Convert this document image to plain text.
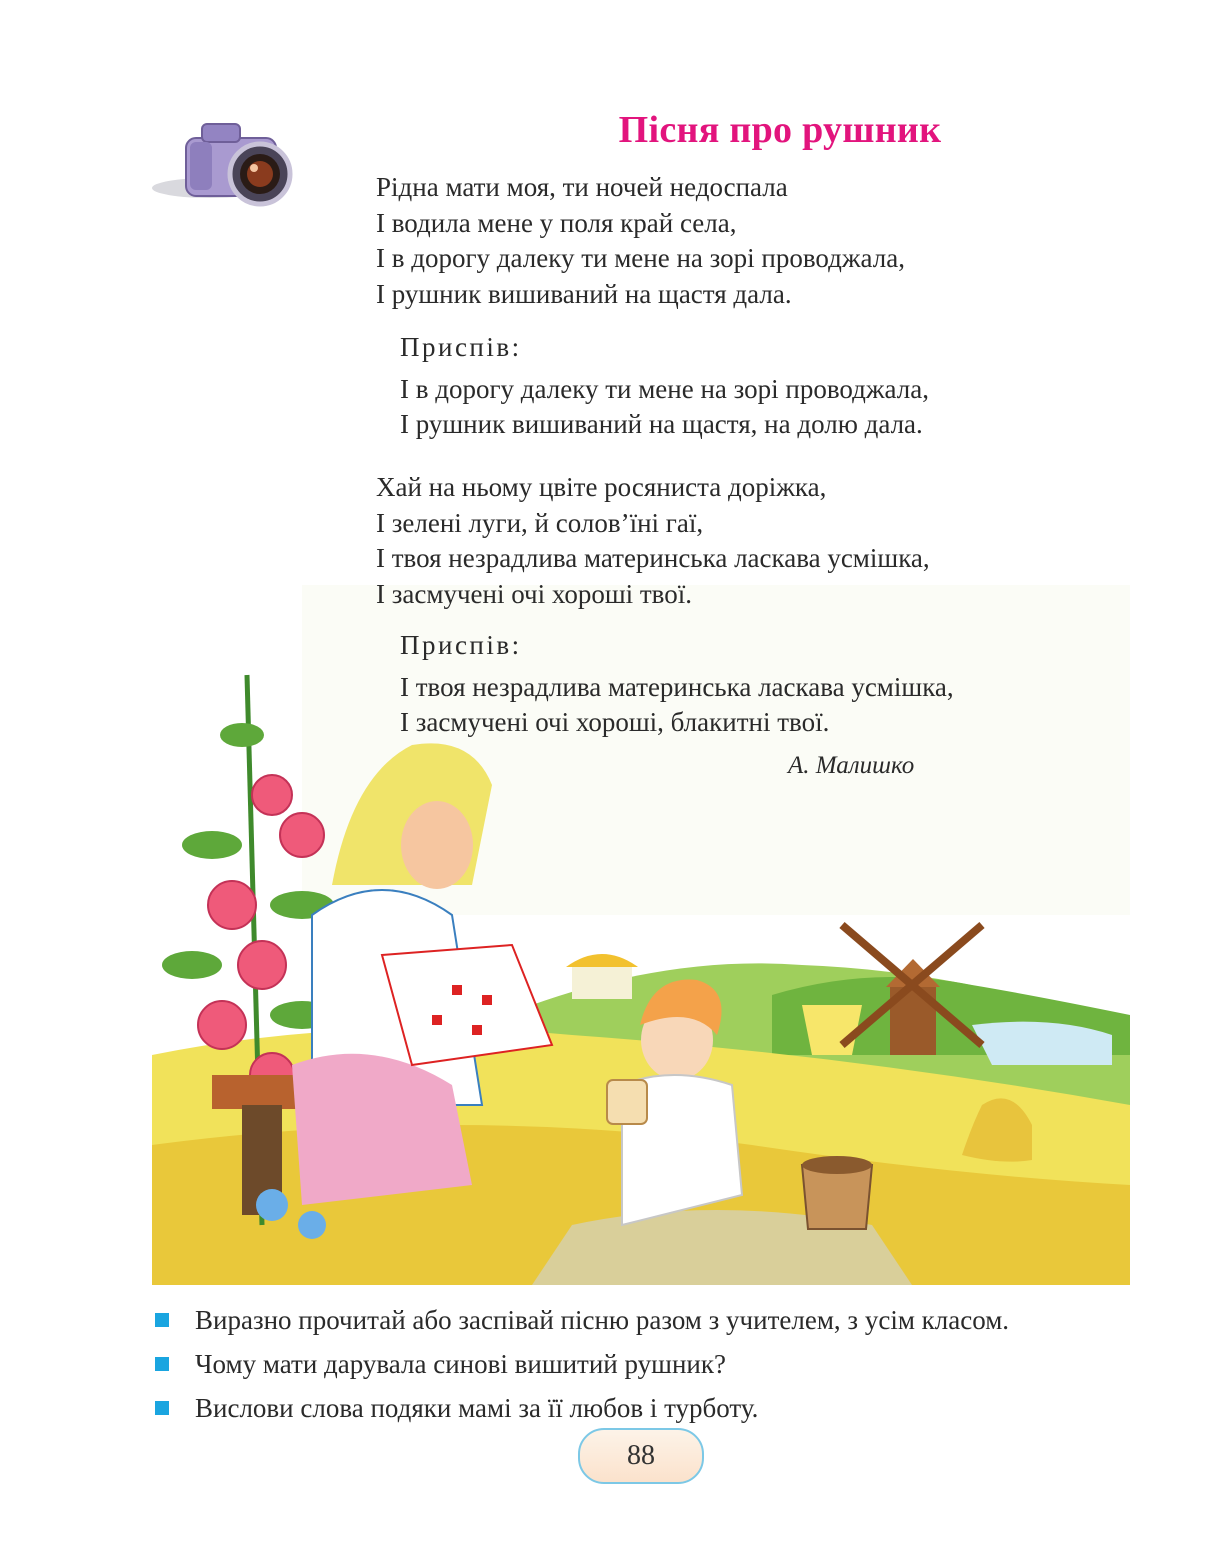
Пісня про рушник
Рідна мати моя, ти ночей недоспала
І водила мене у поля край села,
І в дорогу далеку ти мене на зорі проводжала,
І рушник вишиваний на щастя дала.
Приспів:
І в дорогу далеку ти мене на зорі проводжала,
І рушник вишиваний на щастя, на долю дала.
Хай на ньому цвіте росяниста доріжка,
І зелені луги, й солов’їні гаї,
І твоя незрадлива материнська ласкава усмішка,
І засмучені очі хороші твої.
Приспів:
І твоя незрадлива материнська ласкава усмішка,
І засмучені очі хороші, блакитні твої.
А. Малишко
Виразно прочитай або заспівай пісню разом з учителем, з усім класом.
Чому мати дарувала синові вишитий рушник?
Вислови слова подяки мамі за її любов і турботу.
88
